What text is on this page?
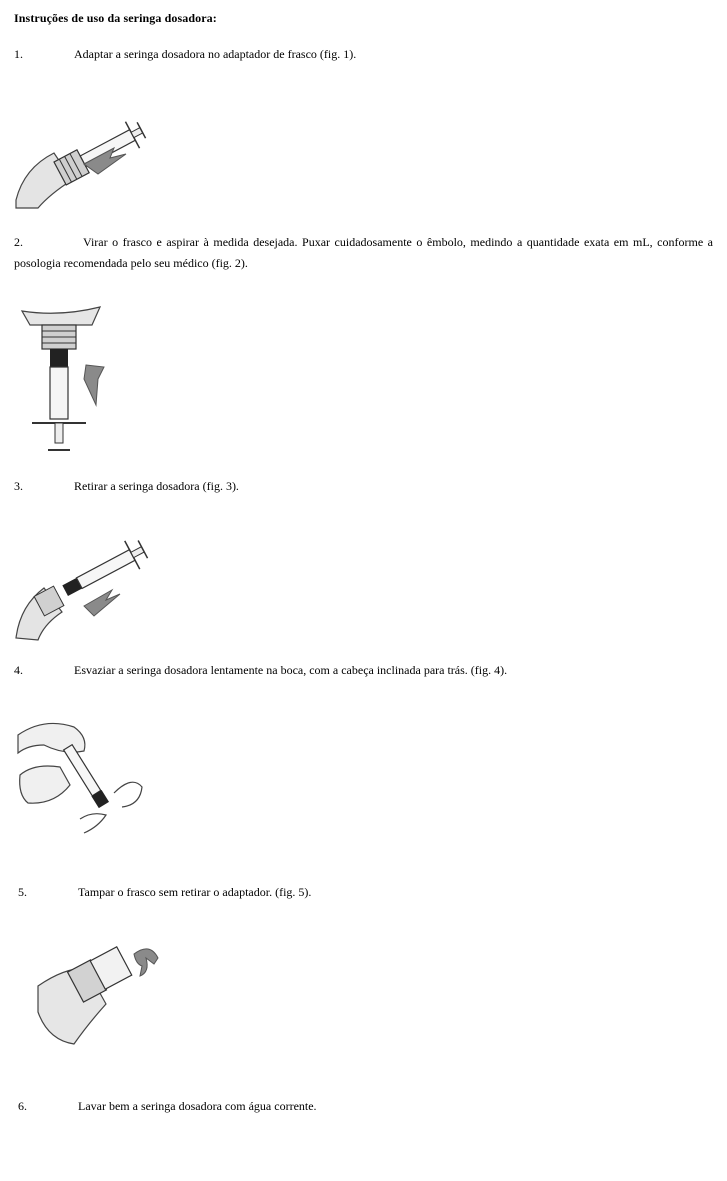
Instruções de uso da seringa dosadora:
1.	Adaptar a seringa dosadora no adaptador de frasco (fig. 1).
2.	Virar o frasco e aspirar à medida desejada. Puxar cuidadosamente o êmbolo, medindo a quantidade exata em mL, conforme a posologia recomendada pelo seu médico (fig. 2).
3.	Retirar a seringa dosadora (fig. 3).
4.	Esvaziar a seringa dosadora lentamente na boca, com a cabeça inclinada para trás. (fig. 4).
5.	Tampar o frasco sem retirar o adaptador. (fig. 5).
6.	Lavar bem a seringa dosadora com água corrente.
